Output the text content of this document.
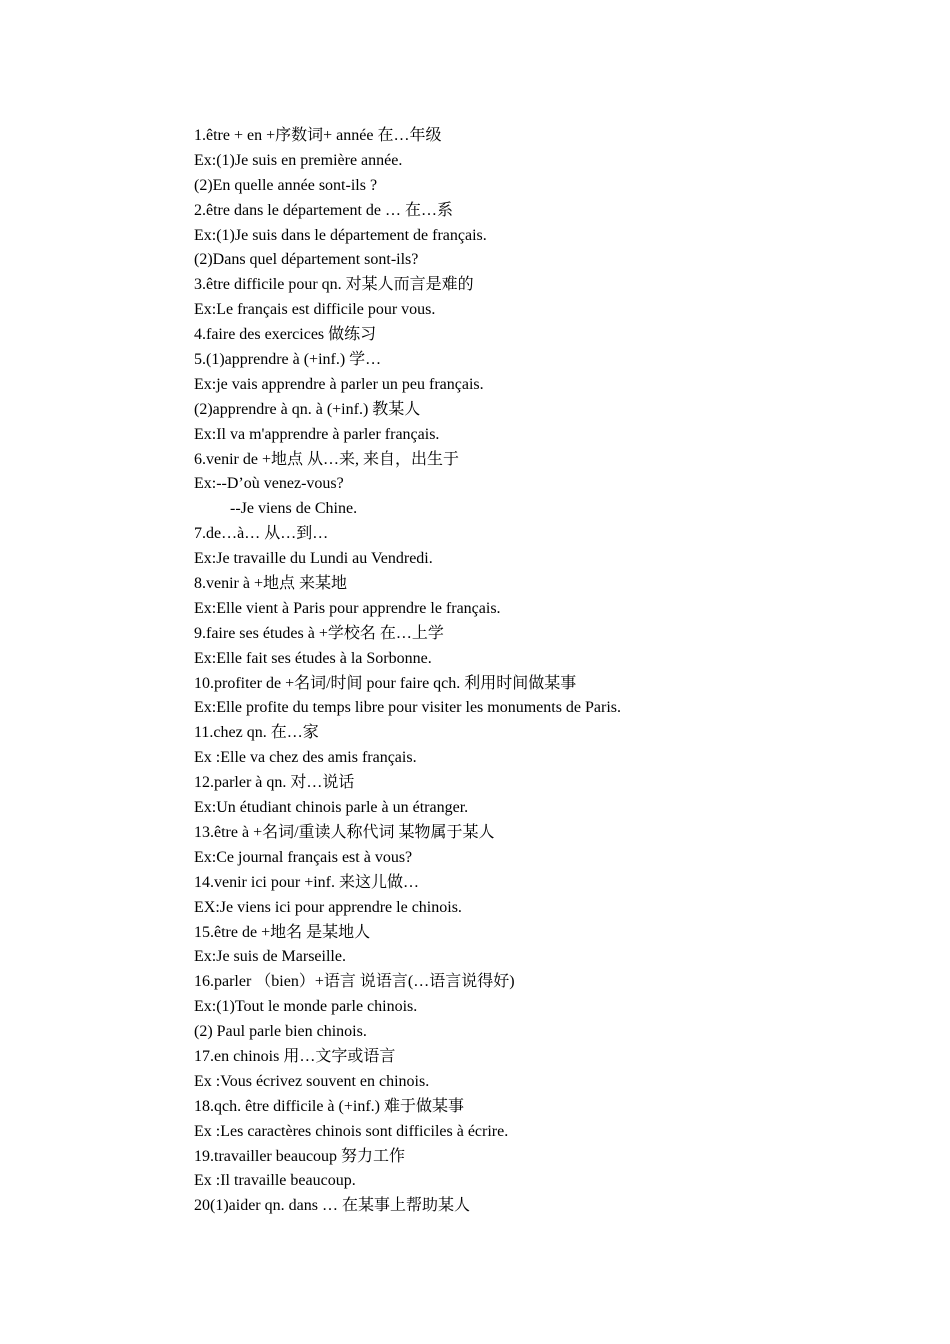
1.être + en +序数词+ année 在…年级
Ex:(1)Je suis en première année.
(2)En quelle année sont-ils ?
2.être dans le département de … 在…系
Ex:(1)Je suis dans le département de français.
(2)Dans quel département sont-ils?
3.être difficile pour qn. 对某人而言是难的
Ex:Le français est difficile pour vous.
4.faire des exercices 做练习
5.(1)apprendre à (+inf.) 学…
Ex:je vais apprendre à parler un peu français.
(2)apprendre à qn. à (+inf.) 教某人
Ex:Il va m'apprendre à parler français.
6.venir de +地点 从…来, 来自，出生于
Ex:--D’où venez-vous?
--Je viens de Chine.
7.de…à… 从…到…
Ex:Je travaille du Lundi au Vendredi.
8.venir à +地点 来某地
Ex:Elle vient à Paris pour apprendre le français.
9.faire ses études à +学校名 在…上学
Ex:Elle fait ses études à la Sorbonne.
10.profiter de +名词/时间 pour faire qch. 利用时间做某事
Ex:Elle profite du temps libre pour visiter les monuments de Paris.
11.chez qn. 在…家
Ex :Elle va chez des amis français.
12.parler à qn. 对…说话
Ex:Un étudiant chinois parle à un étranger.
13.être à +名词/重读人称代词 某物属于某人
Ex:Ce journal français est à vous?
14.venir ici pour +inf. 来这儿做…
EX:Je viens ici pour apprendre le chinois.
15.être de +地名 是某地人
Ex:Je suis de Marseille.
16.parler （bien）+语言 说语言(…语言说得好)
Ex:(1)Tout le monde parle chinois.
(2) Paul parle bien chinois.
17.en chinois 用…文字或语言
Ex :Vous écrivez souvent en chinois.
18.qch. être difficile à (+inf.) 难于做某事
Ex :Les caractères chinois sont difficiles à écrire.
19.travailler beaucoup 努力工作
Ex :Il travaille beaucoup.
20(1)aider qn. dans … 在某事上帮助某人
